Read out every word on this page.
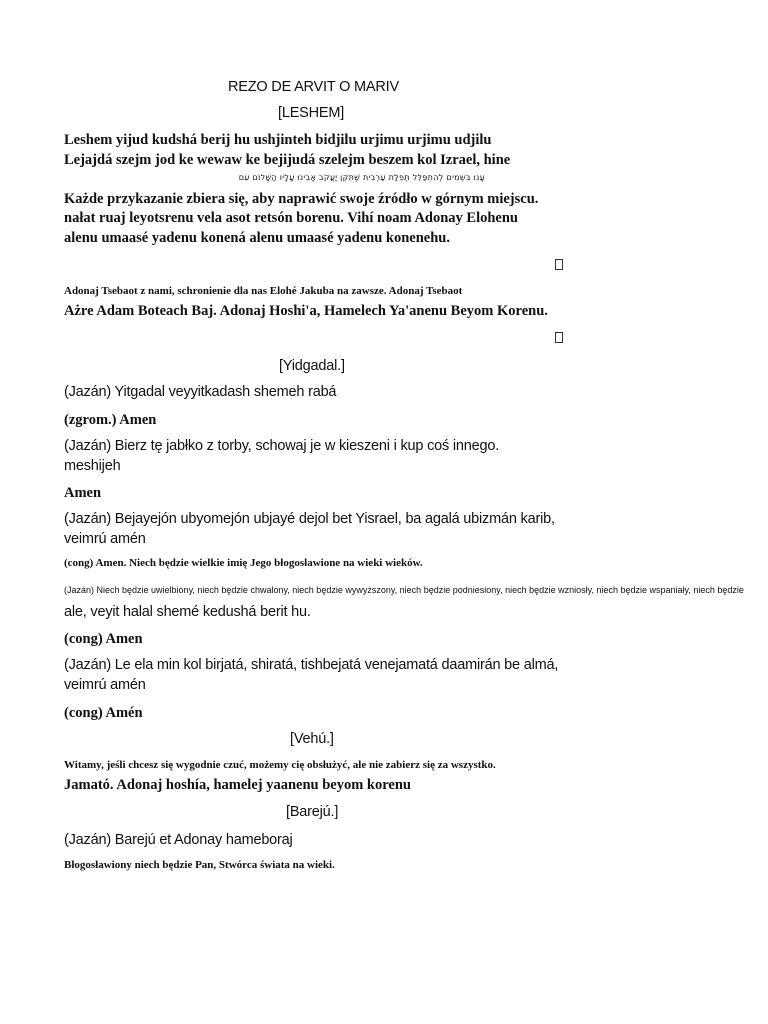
REZO DE ARVIT O MARIV

[LESHEM]

Leshem yijud kudshá berij hu ushjinteh bidjilu urjimu urjimu udjilu

Lejajdá szejm jod ke wewaw ke bejijudá szelejm beszem kol Izrael, hine

עָנוּ בִּשְׁמִים לְהִתְפַּלֵּל תְּפִלַּת עַרְבִית שֶׁתִּקֵּן יַעֲקֹב אָבִינוּ עָלָיו הַשָּׁלוֹם עִם

Każde przykazanie zbiera się, aby naprawić swoje źródło w górnym miejscu.

nałat ruaj leyotsrenu vela asot retsón borenu. Vihí noam Adonay Elohenu

alenu umaasé yadenu konená alenu umaasé yadenu konenehu.

Adonaj Tsebaot z nami, schronienie dla nas Elohé Jakuba na zawsze. Adonaj Tsebaot

Ażre Adam Boteach Baj. Adonaj Hoshi'a, Hamelech Ya'anenu Beyom Korenu.

[Yidgadal.]

(Jazán) Yitgadal veyyitkadash shemeh rabá

(zgrom.) Amen

(Jazán) Bierz tę jabłko z torby, schowaj je w kieszeni i kup coś innego.

meshijeh

Amen

(Jazán) Bejayejón ubyomejón ubjayé dejol bet Yisrael, ba agalá ubizmán karib,

veimrú amén

(cong) Amen. Niech będzie wielkie imię Jego błogosławione na wieki wieków.

(Jazán) Niech będzie uwielbiony, niech będzie chwalony, niech będzie wywyższony, niech będzie podniesiony, niech będzie wzniosły, niech będzie wspaniały, niech będzie

ale, veyit halal shemé kedushá berit hu.

(cong) Amen

(Jazán) Le ela min kol birjatá, shiratá, tishbejatá venejamatá daamirán be almá,

veimrú amén

(cong) Amén

[Vehú.]

Witamy, jeśli chcesz się wygodnie czuć, możemy cię obsłużyć, ale nie zabierz się za wszystko.

Jamató. Adonaj hoshía, hamelej yaanenu beyom korenu

[Barejú.]

(Jazán) Barejú et Adonay hameboraj

Błogosławiony niech będzie Pan, Stwórca świata na wieki.
